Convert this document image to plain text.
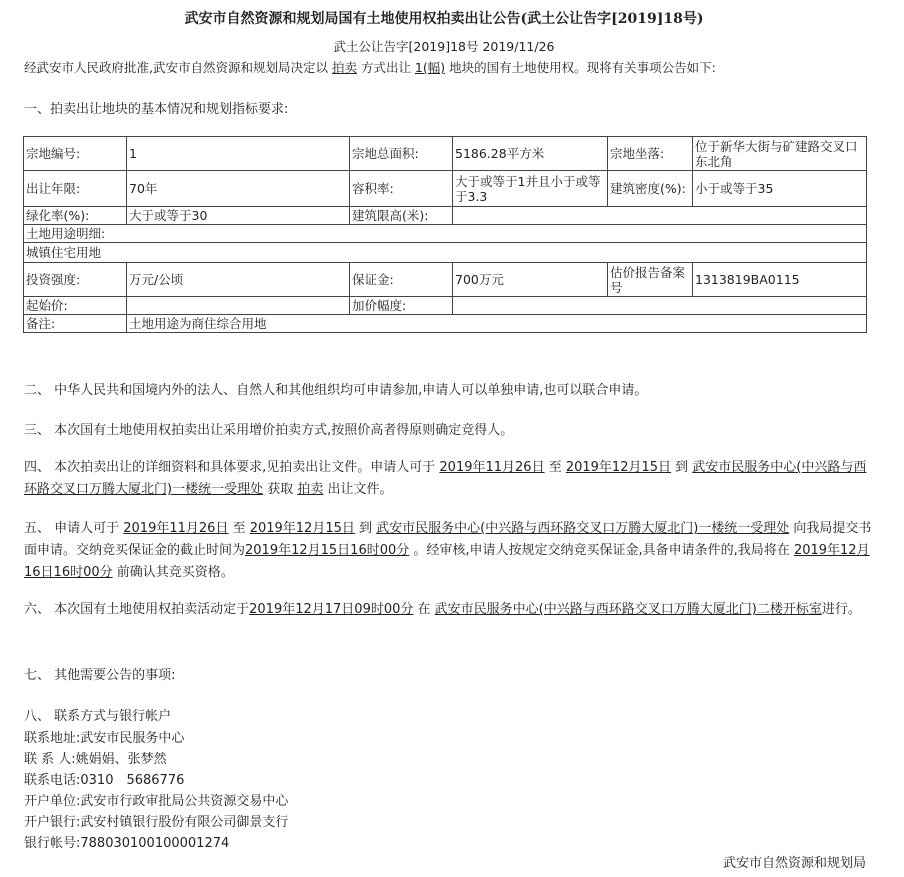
武安市自然资源和规划局国有土地使用权拍卖出让公告(武土公让告字[2019]18号)
武土公让告字[2019]18号 2019/11/26
经武安市人民政府批准,武安市自然资源和规划局决定以 拍卖 方式出让 1(幅) 地块的国有土地使用权。现将有关事项公告如下:
一、拍卖出让地块的基本情况和规划指标要求:
宗地编号:	1	宗地总面积:	5186.28平方米	宗地坐落:	位于新华大街与矿建路交叉口东北角
出让年限:	70年	容积率:	大于或等于1并且小于或等于3.3	建筑密度(%):	小于或等于35
绿化率(%):	大于或等于30	建筑限高(米):			
土地用途明细:					
城镇住宅用地					
投资强度:	万元/公顷	保证金:	700万元	估价报告备案号	1313819BA0115
起始价:		加价幅度:			
备注:	土地用途为商住综合用地				
二、 中华人民共和国境内外的法人、自然人和其他组织均可申请参加,申请人可以单独申请,也可以联合申请。
三、 本次国有土地使用权拍卖出让采用增价拍卖方式,按照价高者得原则确定竞得人。
四、 本次拍卖出让的详细资料和具体要求,见拍卖出让文件。申请人可于 2019年11月26日 至 2019年12月15日 到 武安市民服务中心(中兴路与西环路交叉口万腾大厦北门)一楼统一受理处 获取 拍卖 出让文件。
五、 申请人可于 2019年11月26日 至 2019年12月15日 到 武安市民服务中心(中兴路与西环路交叉口万腾大厦北门)一楼统一受理处 向我局提交书面申请。交纳竞买保证金的截止时间为2019年12月15日16时00分 。经审核,申请人按规定交纳竞买保证金,具备申请条件的,我局将在 2019年12月16日16时00分 前确认其竞买资格。
六、 本次国有土地使用权拍卖活动定于2019年12月17日09时00分 在 武安市民服务中心(中兴路与西环路交叉口万腾大厦北门)二楼开标室进行。
七、 其他需要公告的事项:
八、 联系方式与银行帐户
联系地址:武安市民服务中心
联 系 人:姚娟娟、张梦然
联系电话:0310　5686776
开户单位:武安市行政审批局公共资源交易中心
开户银行:武安村镇银行股份有限公司御景支行
银行帐号:788030100100001274
武安市自然资源和规划局
